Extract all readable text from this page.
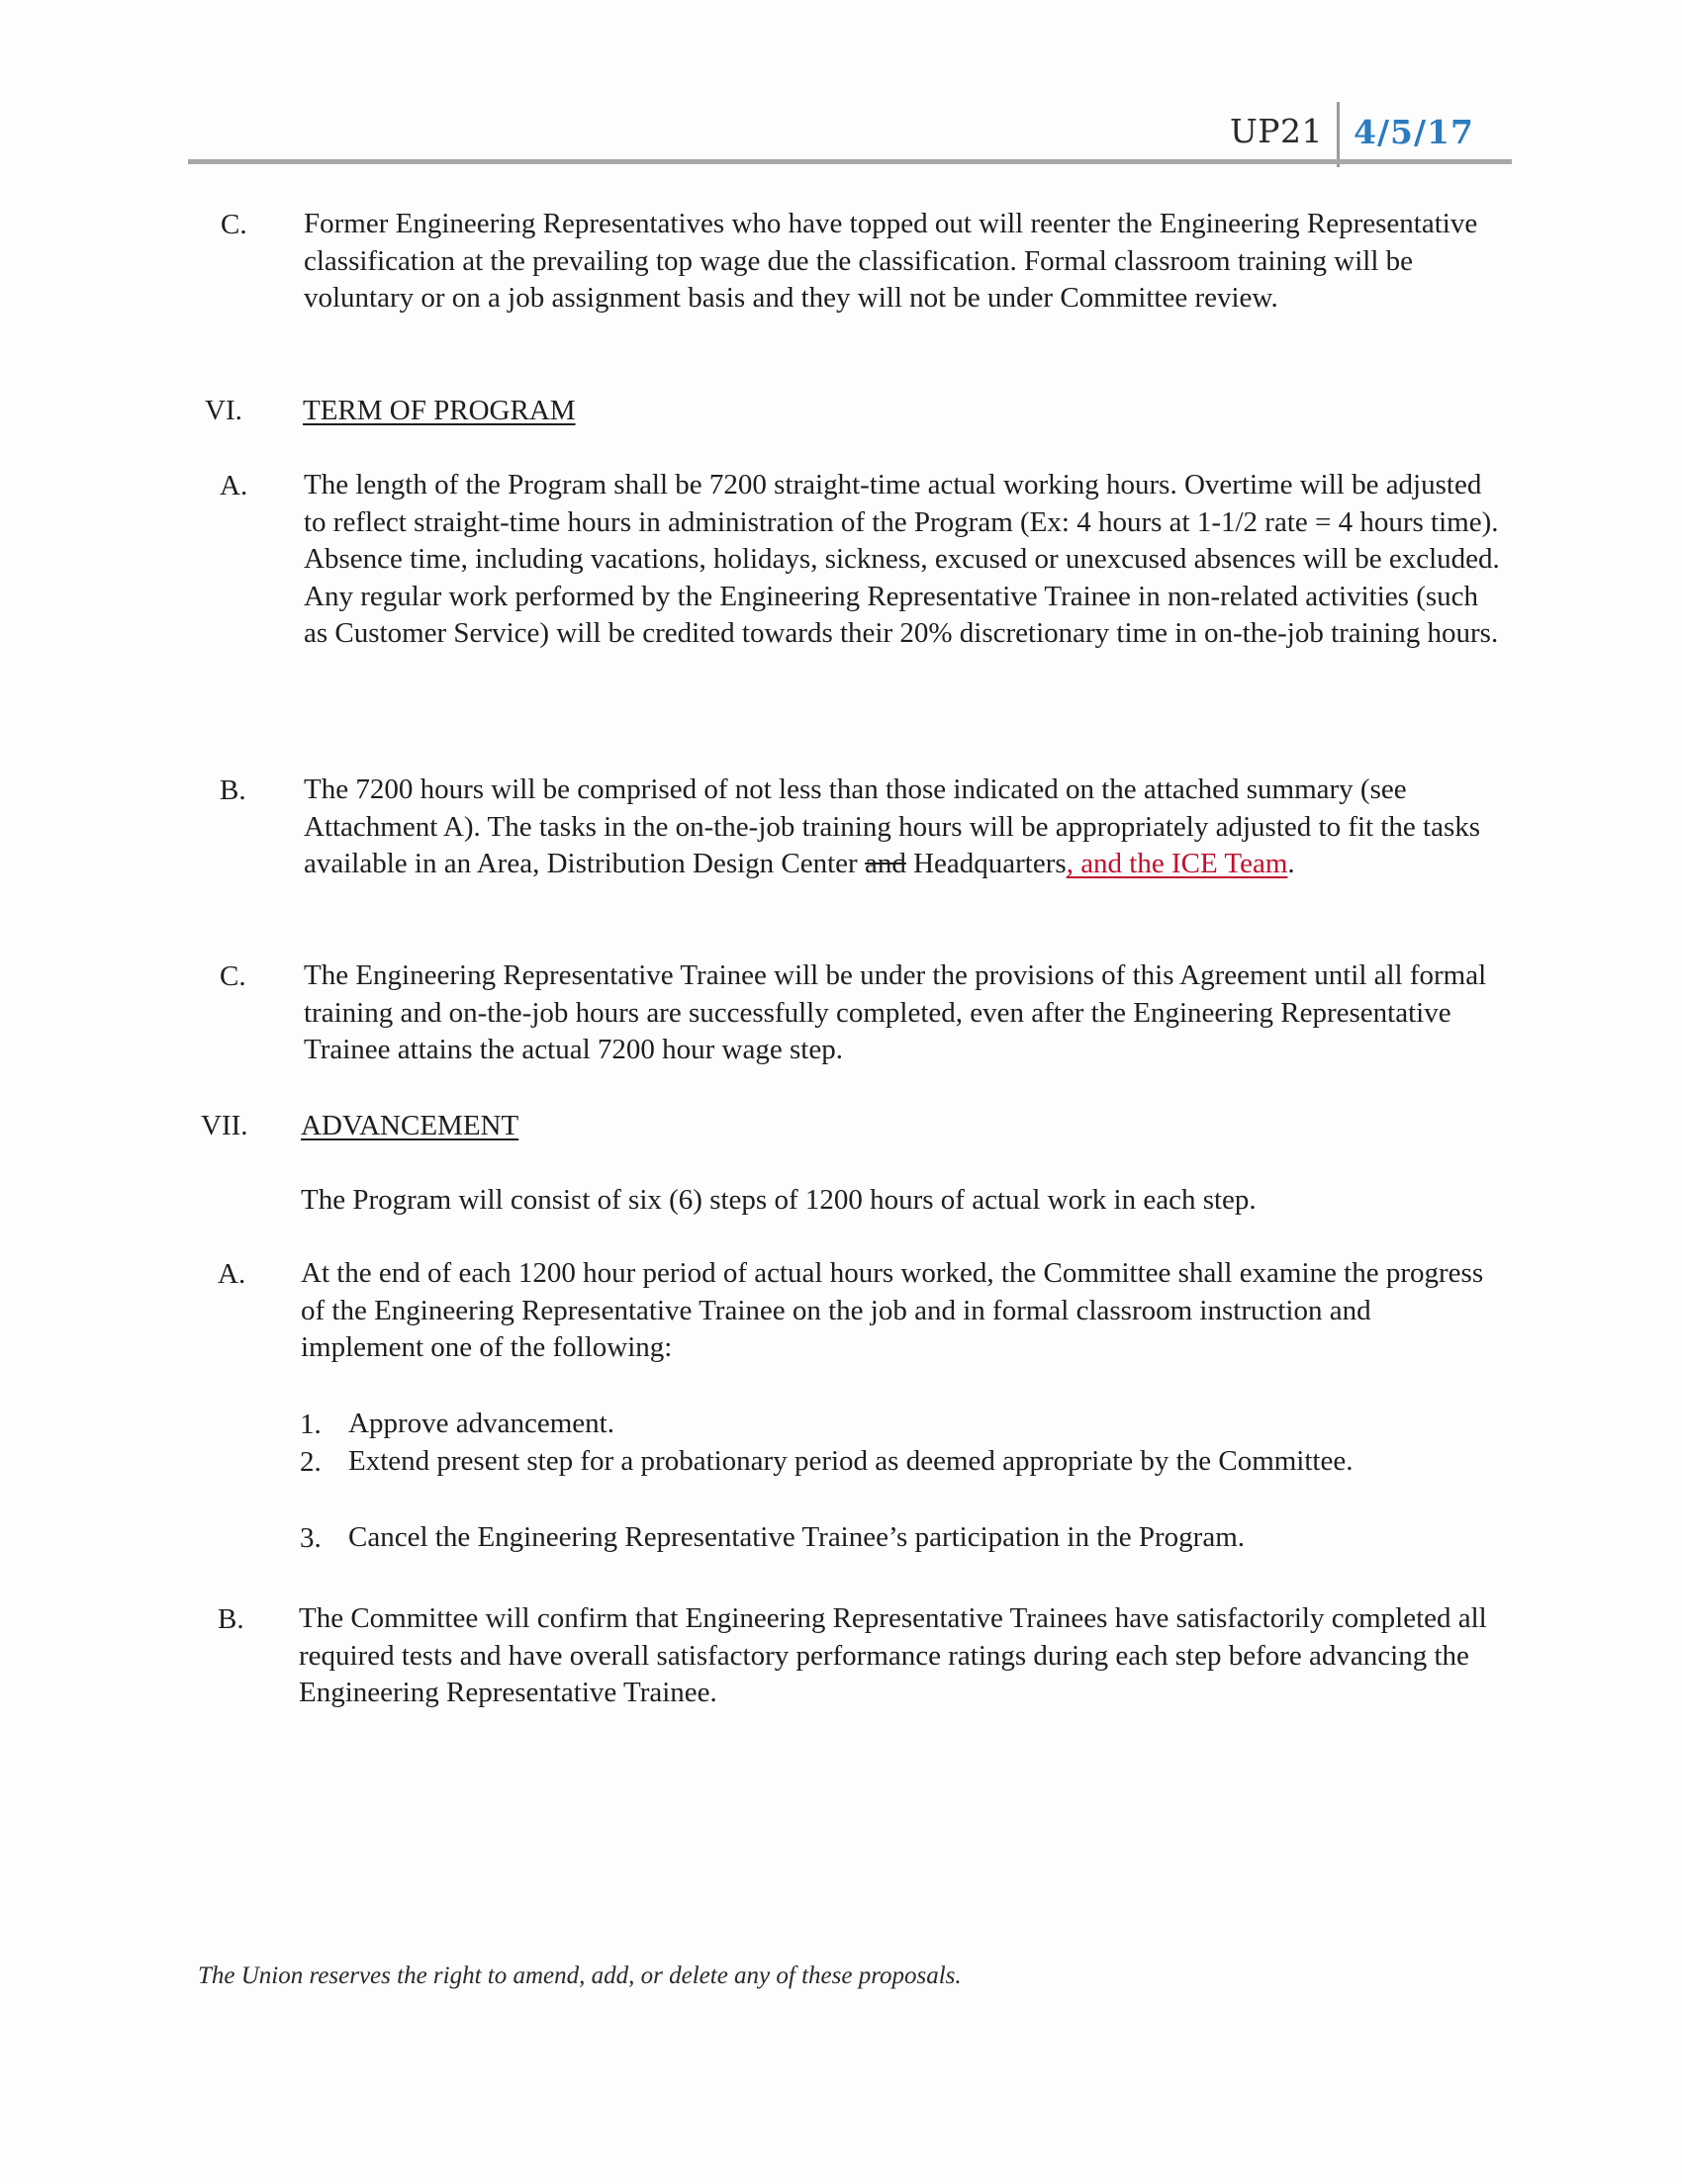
UP21 4/5/17
C. Former Engineering Representatives who have topped out will reenter the Engineering Representative classification at the prevailing top wage due the classification. Formal classroom training will be voluntary or on a job assignment basis and they will not be under Committee review.
VI. TERM OF PROGRAM
A. The length of the Program shall be 7200 straight-time actual working hours. Overtime will be adjusted to reflect straight-time hours in administration of the Program (Ex: 4 hours at 1-1/2 rate = 4 hours time). Absence time, including vacations, holidays, sickness, excused or unexcused absences will be excluded. Any regular work performed by the Engineering Representative Trainee in non-related activities (such as Customer Service) will be credited towards their 20% discretionary time in on-the-job training hours.
B. The 7200 hours will be comprised of not less than those indicated on the attached summary (see Attachment A). The tasks in the on-the-job training hours will be appropriately adjusted to fit the tasks available in an Area, Distribution Design Center and Headquarters, and the ICE Team.
C. The Engineering Representative Trainee will be under the provisions of this Agreement until all formal training and on-the-job hours are successfully completed, even after the Engineering Representative Trainee attains the actual 7200 hour wage step.
VII. ADVANCEMENT
The Program will consist of six (6) steps of 1200 hours of actual work in each step.
A. At the end of each 1200 hour period of actual hours worked, the Committee shall examine the progress of the Engineering Representative Trainee on the job and in formal classroom instruction and implement one of the following:
1. Approve advancement.
2. Extend present step for a probationary period as deemed appropriate by the Committee.
3. Cancel the Engineering Representative Trainee’s participation in the Program.
B. The Committee will confirm that Engineering Representative Trainees have satisfactorily completed all required tests and have overall satisfactory performance ratings during each step before advancing the Engineering Representative Trainee.
The Union reserves the right to amend, add, or delete any of these proposals.
